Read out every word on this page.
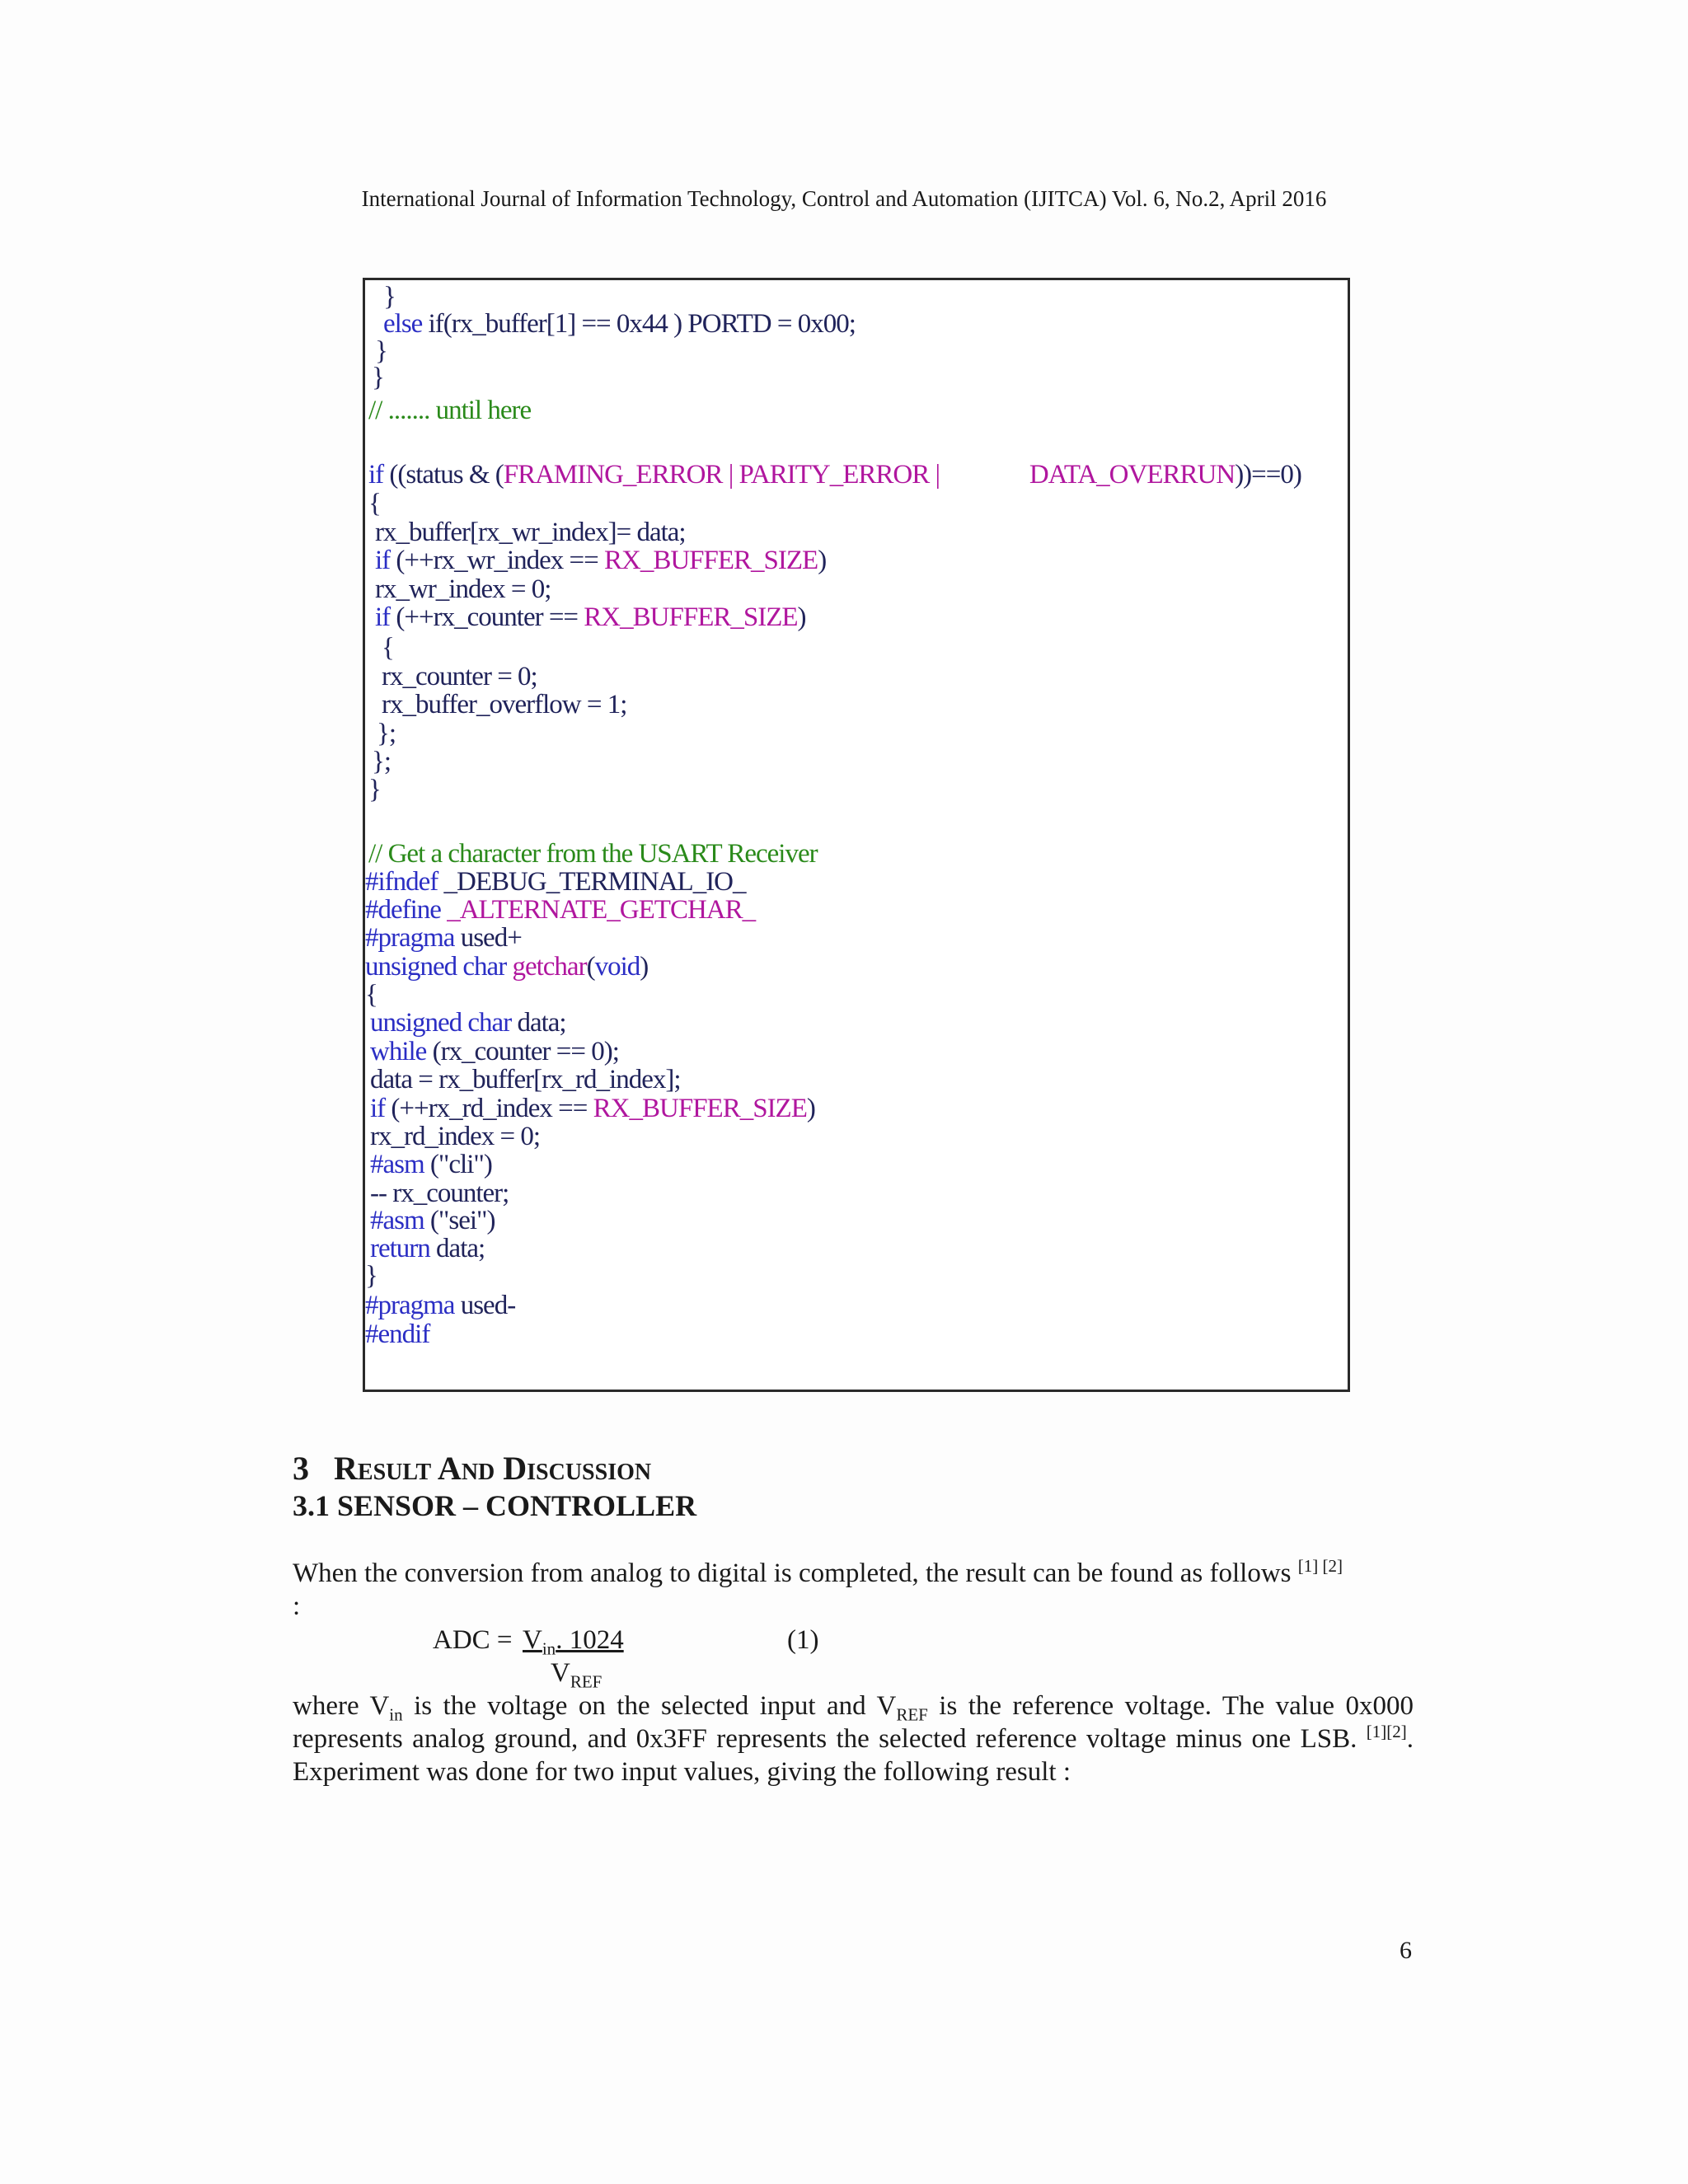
International Journal of Information Technology, Control and Automation (IJITCA) Vol. 6, No.2, April 2016
}
else if(rx_buffer[1] == 0x44 ) PORTD = 0x00;
}
}
// ....... until here
if ((status & (FRAMING_ERROR | PARITY_ERROR |               DATA_OVERRUN))==0)
{
rx_buffer[rx_wr_index]= data;
if (++rx_wr_index == RX_BUFFER_SIZE)
rx_wr_index = 0;
if (++rx_counter == RX_BUFFER_SIZE)
{
rx_counter = 0;
rx_buffer_overflow = 1;
};
};
}
// Get a character from the USART Receiver
#ifndef _DEBUG_TERMINAL_IO_
#define _ALTERNATE_GETCHAR_
#pragma used+
unsigned char getchar(void)
{
unsigned char data;
while (rx_counter == 0);
data = rx_buffer[rx_rd_index];
if (++rx_rd_index == RX_BUFFER_SIZE)
rx_rd_index = 0;
#asm ("cli")
-- rx_counter;
#asm ("sei")
return data;
}
#pragma used-
#endif
3 Result And Discussion
3.1 SENSOR – CONTROLLER
When the conversion from analog to digital is completed, the result can be found as follows [1] [2]
:
ADC = $V_{in}$. 1024
$V_{REF}$
(1)
where $V_{in}$ is the voltage on the selected input and $V_{REF}$ is the reference voltage. The value 0x000 represents analog ground, and 0x3FF represents the selected reference voltage minus one LSB. [1][2]. Experiment was done for two input values, giving the following result :
6
